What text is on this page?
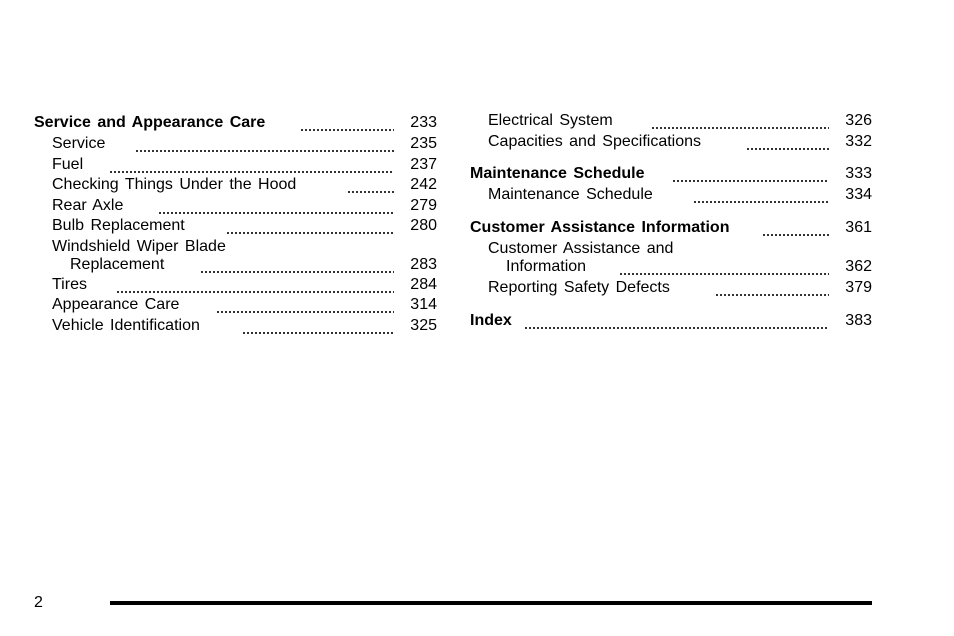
Service and Appearance Care	233
Service	235
Fuel	237
Checking Things Under the Hood	242
Rear Axle	279
Bulb Replacement	280
Windshield Wiper Blade
Replacement	283
Tires	284
Appearance Care	314
Vehicle Identification	325
Electrical System	326
Capacities and Specifications	332
Maintenance Schedule	333
Maintenance Schedule	334
Customer Assistance Information	361
Customer Assistance and
Information	362
Reporting Safety Defects	379
Index	383
2
